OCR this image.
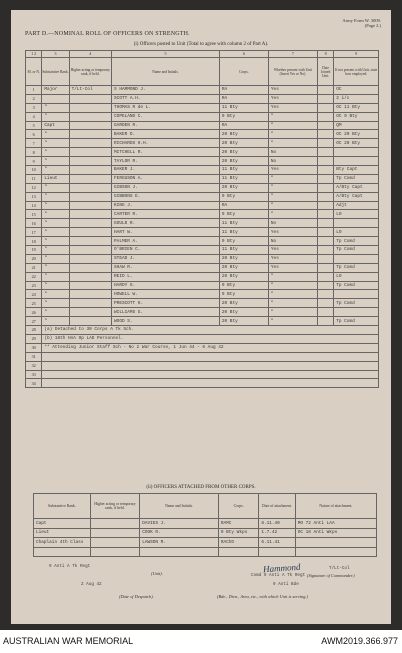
Army Form W. 3009.
(Page 2.)
PART D.—NOMINAL ROLL OF OFFICERS ON STRENGTH.
(i) Officers posted to Unit (Total to agree with column 2 of Part A).
1 2	3	4	5	6	7	8	9
M. or N.	Substantive Rank.	Higher acting or temporary rank, if held.	Name and Initials.	Corps.	Whether present with Unit (Insert Yes or No).	Date Joined Unit.	If not present with Unit, state how employed.
1	Major	T/Lt-Col	S HAMMOND J.	RA	Yes		OC
2			SCOTT A.H.	RA	Yes		2 i/c
3	"		THOMAS R de L.	11 Bty	Yes		OC 11 Bty
4	"		COPELAND C.	9 Bty	"		OC 9 Bty
5	Capt		GARDEN R.	RA	"		QM
6	"		BAKER D.	20 Bty	"		OC 20 Bty
7	"		RICHARDS H.H.	20 Bty	"		OC 20 Bty
8	"		MITCHELL R.	20 Bty	No		
9	"		TAYLOR R.	20 Bty	No		
10	"		BAKER J.	11 Bty	Yes		Bty Capt
11	Lieut		FERGUSON A.	11 Bty	"		Tp Comd
12	"		GIBSON J.	20 Bty	"		A/Bty Capt
13	"		GIBBONS E.	9 Bty	"		A/Bty Capt
14	"		KING J.	RA	"		Adjt
15	"		CARTER R.	9 Bty	"		LO
16	"		GOULD R.	11 Bty	No		
17	"		HART W.	11 Bty	Yes		LO
18	"		PALMER A.	9 Bty	No		Tp Comd
19	"		O'BRIEN C.	11 Bty	Yes		Tp Comd
20	"		STEAD J.	20 Bty	Yes		
21	"		SHAW R.	20 Bty	Yes		Tp Comd
22	"		REID L.	20 Bty	"		LO
23	"		HARDY S.	9 Bty	"		Tp Comd
24	"		HOWELL W.	9 Bty	"		
25	"		PRESCOTT H.	20 Bty	"		Tp Comd
26	"		WILLIAMS G.	20 Bty	"		
27	"		WOOD S.	20 Bty	"		Tp Comd
28	(a) Detached to 30 Corps A Tk Sch.						
29	(b) 18th HAA Op LAD Personnel.						
30	** Attending Junior Staff Sch - No 2 War Course, 1 Jun 44 - 6 Aug 42						
31							
32							
33							
34							
(ii) OFFICERS ATTACHED FROM OTHER CORPS.
Substantive Rank.	Higher acting or temporary rank, if held.	Name and Initials.	Corps.	Date of attachment.	Nature of attachment.
Capt		DAVIES J.	RAMC	8.11.40	MO 72 Anti LAA
Lieut		COOK R.	9 Bty Wkps	1.7.42	OC 18 Anti Wkps
Chaplain 4th Class		LAWSON R.	RAChD	6.11.41	

9 Anti A Tk Regt
(Unit).
2 Aug 42
(Date of Despatch).
Hammond	T/Lt-Col
Comd 9 Anti A Tk Regt (Signature of Commander.)
9 Anti Bde
(Bde., Divn., Area, etc., with which Unit is serving.)
AUSTRALIAN WAR MEMORIAL	AWM2019.366.977
